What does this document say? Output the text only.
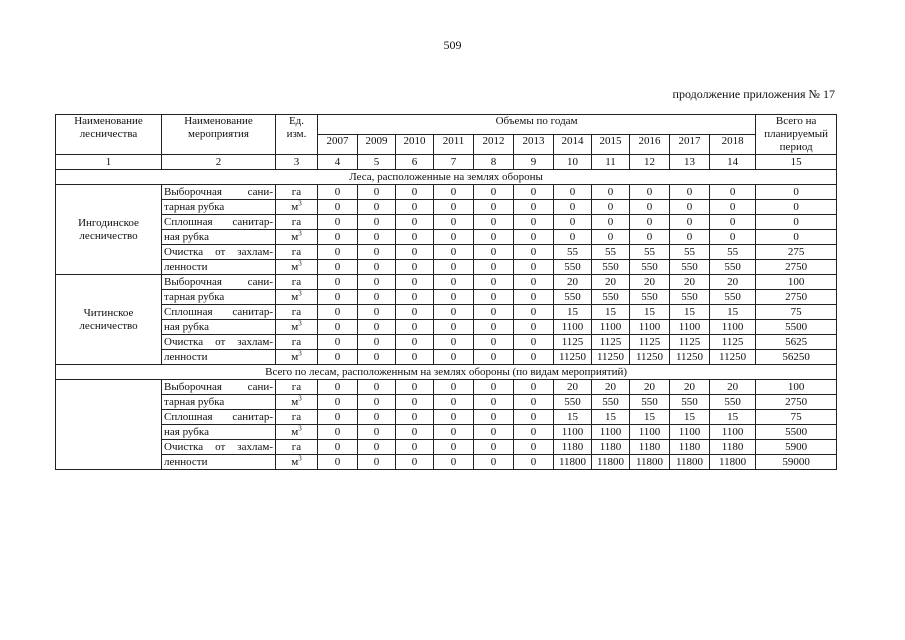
509
продолжение приложения № 17
Наименование лесничества	Наименование мероприятия	Ед. изм.	Объемы по годам											Всего на планируемый период
			2007	2009	2010	2011	2012	2013	2014	2015	2016	2017	2018	
1	2	3	4	5	6	7	8	9	10	11	12	13	14	15
Леса, расположенные на землях обороны														
Ингодинское лесничество	Выборочная сани-	га	0	0	0	0	0	0	0	0	0	0	0	0
	тарная рубка	$м^3$	0	0	0	0	0	0	0	0	0	0	0	0
	Сплошная санитар-	га	0	0	0	0	0	0	0	0	0	0	0	0
	ная рубка	$м^3$	0	0	0	0	0	0	0	0	0	0	0	0
	Очистка от захлам-	га	0	0	0	0	0	0	55	55	55	55	55	275
	ленности	$м^3$	0	0	0	0	0	0	550	550	550	550	550	2750
Читинское лесничество	Выборочная сани-	га	0	0	0	0	0	0	20	20	20	20	20	100
	тарная рубка	$м^3$	0	0	0	0	0	0	550	550	550	550	550	2750
	Сплошная санитар-	га	0	0	0	0	0	0	15	15	15	15	15	75
	ная рубка	$м^3$	0	0	0	0	0	0	1100	1100	1100	1100	1100	5500
	Очистка от захлам-	га	0	0	0	0	0	0	1125	1125	1125	1125	1125	5625
	ленности	$м^3$	0	0	0	0	0	0	11250	11250	11250	11250	11250	56250
Всего по лесам, расположенным на землях обороны (по видам мероприятий)														
	Выборочная сани-	га	0	0	0	0	0	0	20	20	20	20	20	100
	тарная рубка	$м^3$	0	0	0	0	0	0	550	550	550	550	550	2750
	Сплошная санитар-	га	0	0	0	0	0	0	15	15	15	15	15	75
	ная рубка	$м^3$	0	0	0	0	0	0	1100	1100	1100	1100	1100	5500
	Очистка от захлам-	га	0	0	0	0	0	0	1180	1180	1180	1180	1180	5900
	ленности	$м^3$	0	0	0	0	0	0	11800	11800	11800	11800	11800	59000
